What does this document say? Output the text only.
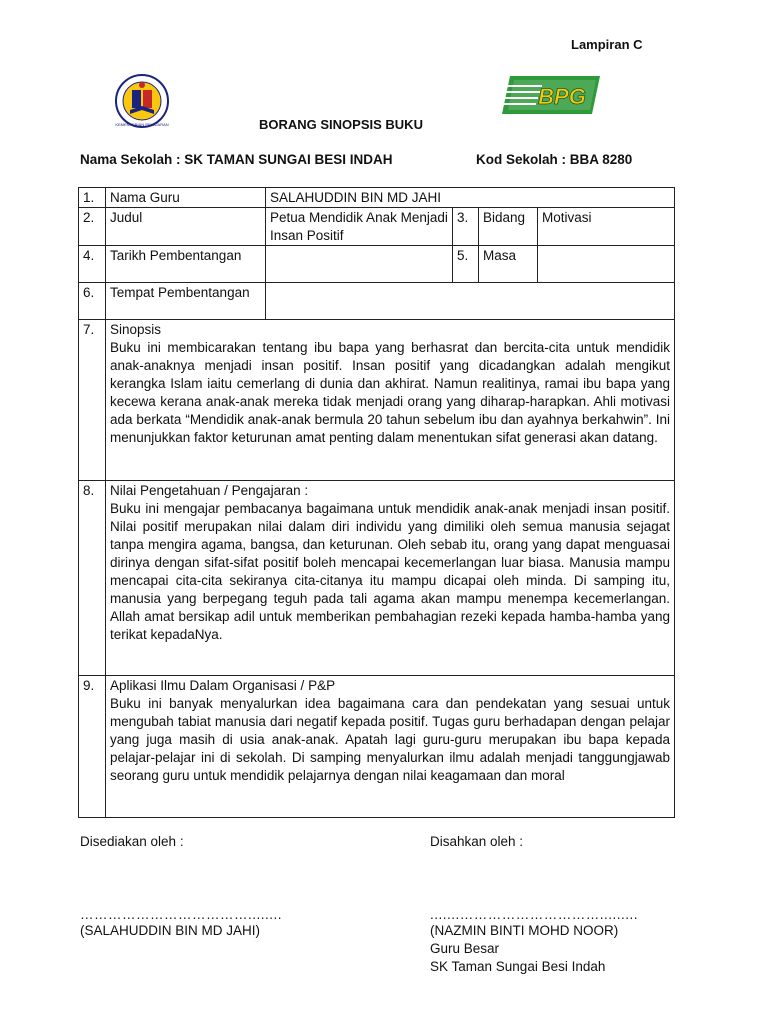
Lampiran C
KEMENTERIAN PELAJARAN
BPG
BORANG SINOPSIS BUKU
Nama Sekolah : SK TAMAN SUNGAI BESI INDAH	Kod Sekolah : BBA 8280
1.	Nama Guru	SALAHUDDIN BIN MD JAHI			
2.	Judul	Petua Mendidik Anak Menjadi Insan Positif	3.	Bidang	Motivasi
4.	Tarikh Pembentangan		5.	Masa	
6.	Tempat Pembentangan				
7.	Sinopsis
Buku ini membicarakan tentang ibu bapa yang berhasrat dan bercita-cita untuk mendidik anak-anaknya menjadi insan positif. Insan positif yang dicadangkan adalah mengikut kerangka Islam iaitu cemerlang di dunia dan akhirat. Namun realitinya, ramai ibu bapa yang kecewa kerana anak-anak mereka tidak menjadi orang yang diharap-harapkan. Ahli motivasi ada berkata “Mendidik anak-anak bermula 20 tahun sebelum ibu dan ayahnya berkahwin”. Ini menunjukkan faktor keturunan amat penting dalam menentukan sifat generasi akan datang.				

8.	Nilai Pengetahuan / Pengajaran :
Buku ini mengajar pembacanya bagaimana untuk mendidik anak-anak menjadi insan positif. Nilai positif merupakan nilai dalam diri individu yang dimiliki oleh semua manusia sejagat tanpa mengira agama, bangsa, dan keturunan. Oleh sebab itu, orang yang dapat menguasai dirinya dengan sifat-sifat positif boleh mencapai kecemerlangan luar biasa. Manusia mampu mencapai cita-cita sekiranya cita-citanya itu mampu dicapai oleh minda. Di samping itu, manusia yang berpegang teguh pada tali agama akan mampu menempa kecemerlangan. Allah amat bersikap adil untuk memberikan pembahagian rezeki kepada hamba-hamba yang terikat kepadaNya.				

9.	Aplikasi Ilmu Dalam Organisasi / P&P
Buku ini banyak menyalurkan idea bagaimana cara dan pendekatan yang sesuai untuk mengubah tabiat manusia dari negatif kepada positif. Tugas guru berhadapan dengan pelajar yang juga masih di usia anak-anak. Apatah lagi guru-guru merupakan ibu bapa kepada pelajar-pelajar ini di sekolah. Di samping menyalurkan ilmu adalah menjadi tanggungjawab seorang guru untuk mendidik pelajarnya dengan nilai keagamaan dan moral				
Disediakan oleh :
………………………………........
(SALAHUDDIN BIN MD JAHI)
Disahkan oleh :
.......………………………….........
(NAZMIN BINTI MOHD NOOR)
Guru Besar
SK Taman Sungai Besi Indah
